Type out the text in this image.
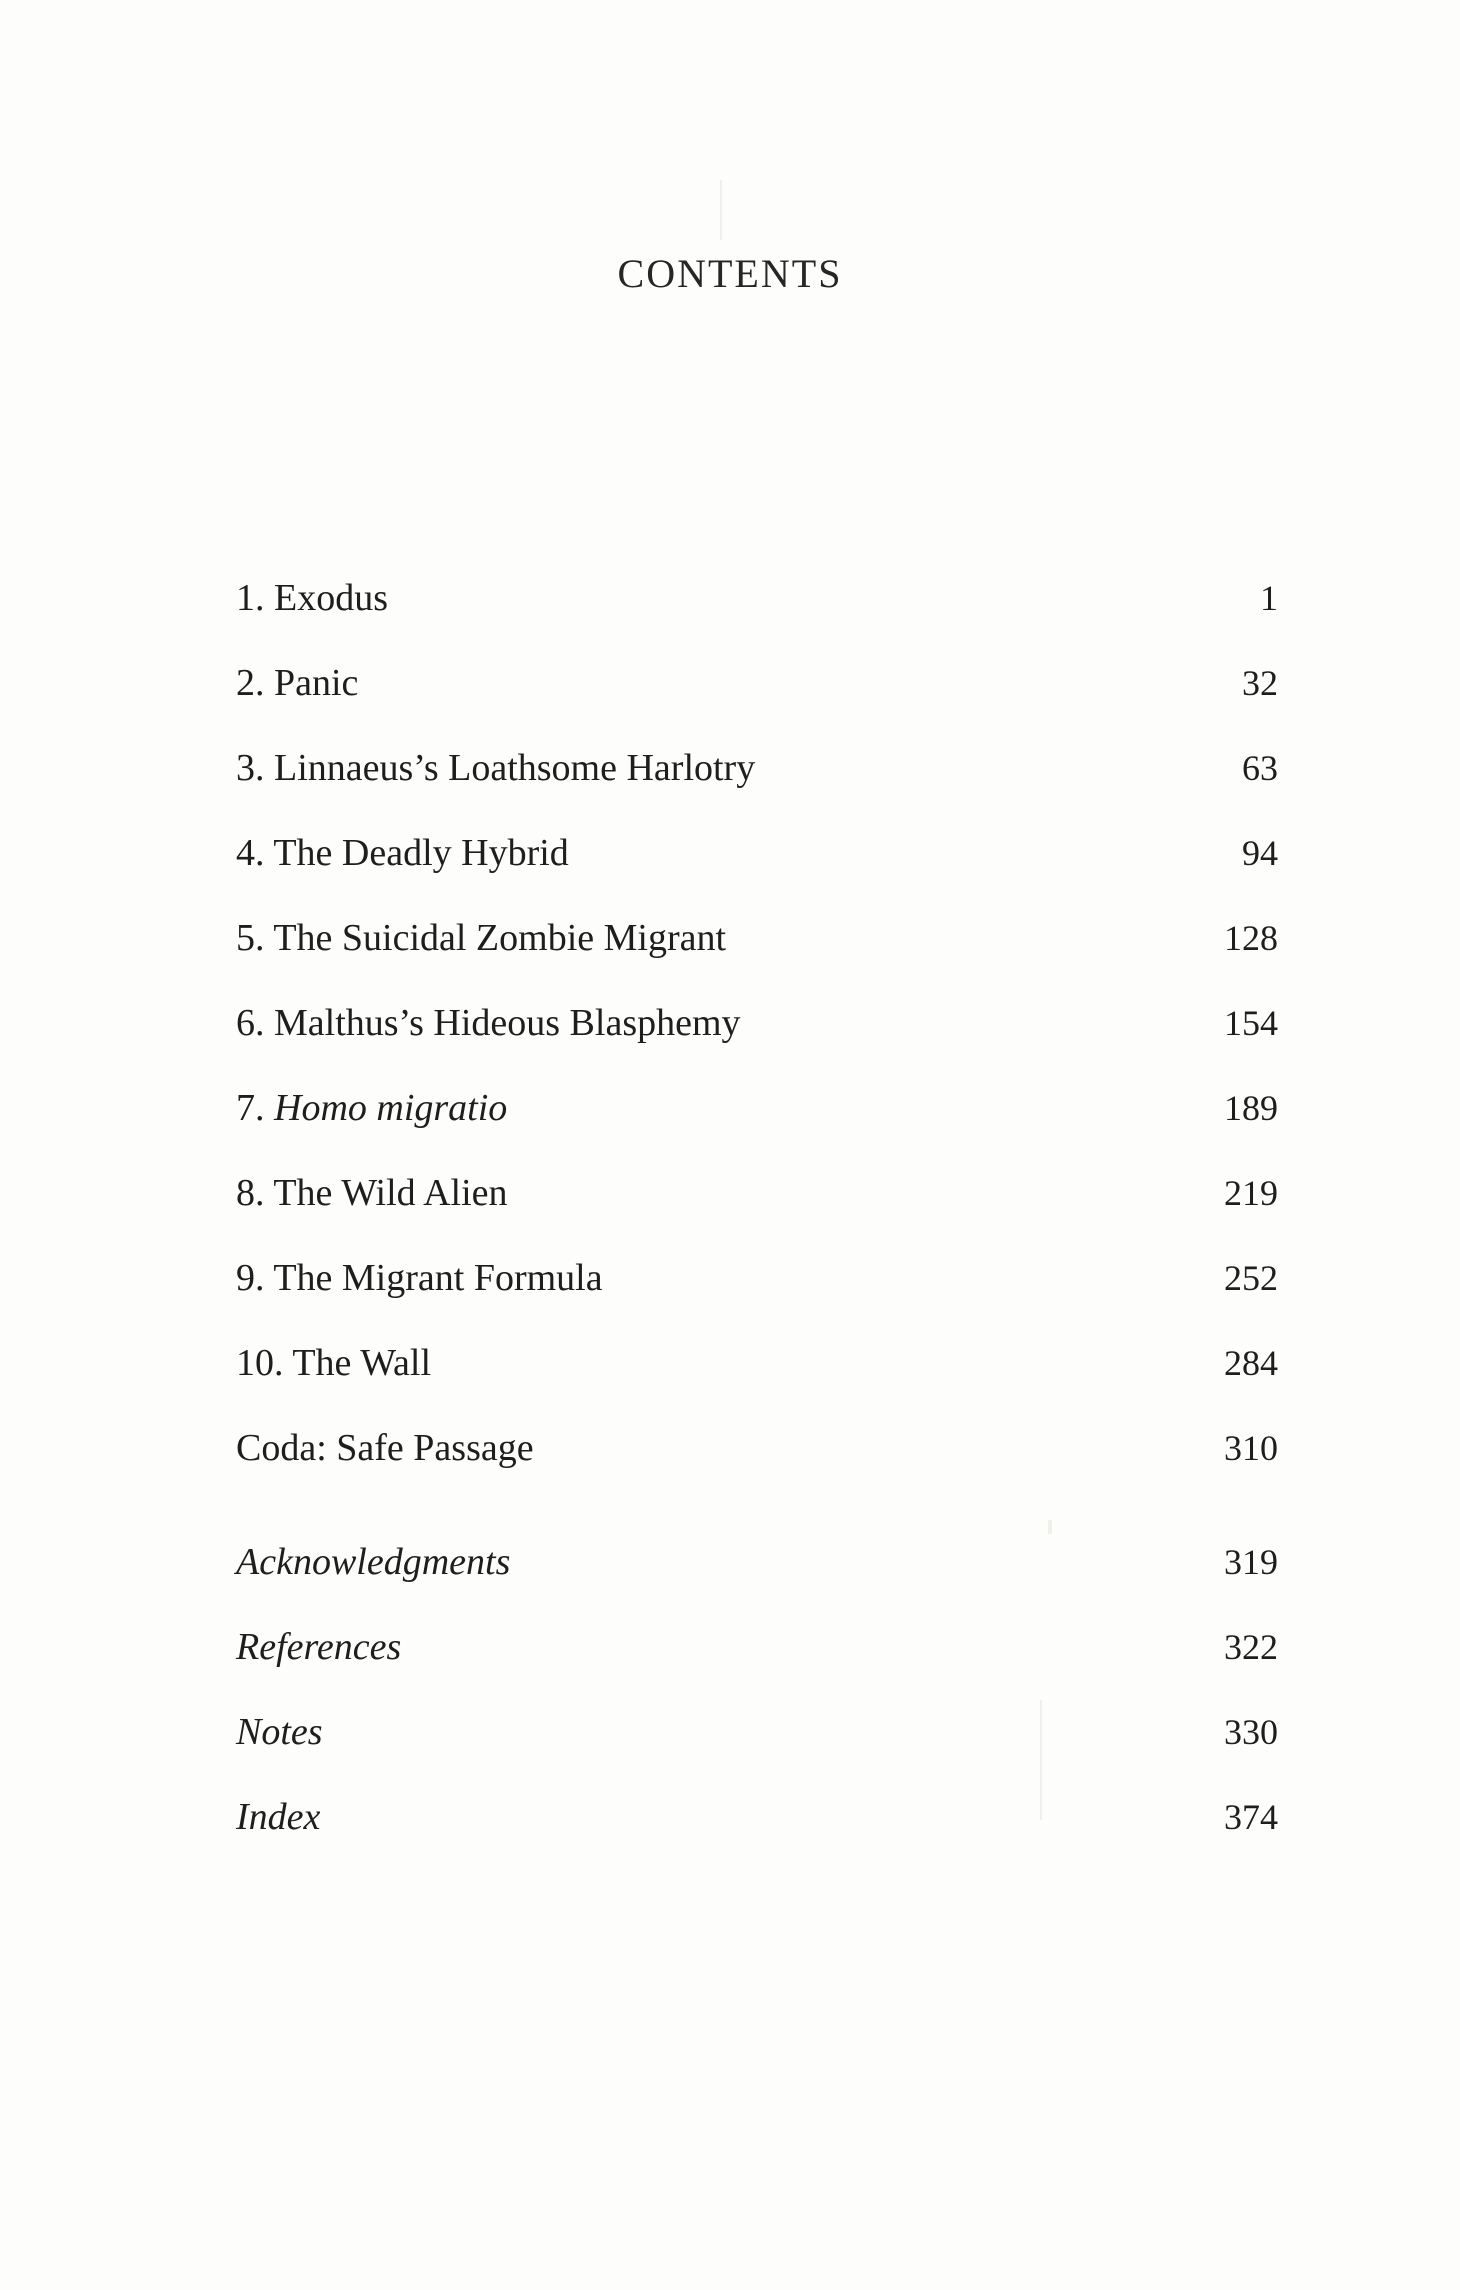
CONTENTS
1. Exodus	1
2. Panic	32
3. Linnaeus’s Loathsome Harlotry	63
4. The Deadly Hybrid	94
5. The Suicidal Zombie Migrant	128
6. Malthus’s Hideous Blasphemy	154
7. Homo migratio	189
8. The Wild Alien	219
9. The Migrant Formula	252
10. The Wall	284
Coda: Safe Passage	310
Acknowledgments	319
References	322
Notes	330
Index	374
